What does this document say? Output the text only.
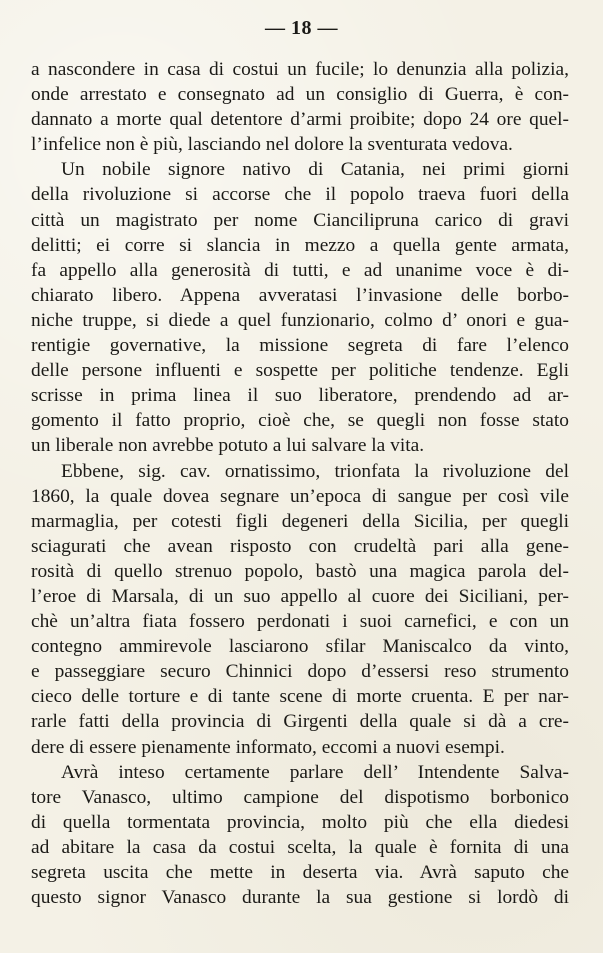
— 18 —
a nascondere in casa di costui un fucile; lo denunzia alla polizia,
onde arrestato e consegnato ad un consiglio di Guerra, è con-
dannato a morte qual detentore d’armi proibite; dopo 24 ore quel-
l’infelice non è più, lasciando nel dolore la sventurata vedova.
Un nobile signore nativo di Catania, nei primi giorni
della rivoluzione si accorse che il popolo traeva fuori della
città un magistrato per nome Ciancilipruna carico di gravi
delitti; ei corre si slancia in mezzo a quella gente armata,
fa appello alla generosità di tutti, e ad unanime voce è di-
chiarato libero. Appena avveratasi l’invasione delle borbo-
niche truppe, si diede a quel funzionario, colmo d’ onori e gua-
rentigie governative, la missione segreta di fare l’elenco
delle persone influenti e sospette per politiche tendenze. Egli
scrisse in prima linea il suo liberatore, prendendo ad ar-
gomento il fatto proprio, cioè che, se quegli non fosse stato
un liberale non avrebbe potuto a lui salvare la vita.
Ebbene, sig. cav. ornatissimo, trionfata la rivoluzione del
1860, la quale dovea segnare un’epoca di sangue per così vile
marmaglia, per cotesti figli degeneri della Sicilia, per quegli
sciagurati che avean risposto con crudeltà pari alla gene-
rosità di quello strenuo popolo, bastò una magica parola del-
l’eroe di Marsala, di un suo appello al cuore dei Siciliani, per-
chè un’altra fiata fossero perdonati i suoi carnefici, e con un
contegno ammirevole lasciarono sfilar Maniscalco da vinto,
e passeggiare securo Chinnici dopo d’essersi reso strumento
cieco delle torture e di tante scene di morte cruenta. E per nar-
rarle fatti della provincia di Girgenti della quale si dà a cre-
dere di essere pienamente informato, eccomi a nuovi esempi.
Avrà inteso certamente parlare dell’ Intendente Salva-
tore Vanasco, ultimo campione del dispotismo borbonico
di quella tormentata provincia, molto più che ella diedesi
ad abitare la casa da costui scelta, la quale è fornita di una
segreta uscita che mette in deserta via. Avrà saputo che
questo signor Vanasco durante la sua gestione si lordò di
